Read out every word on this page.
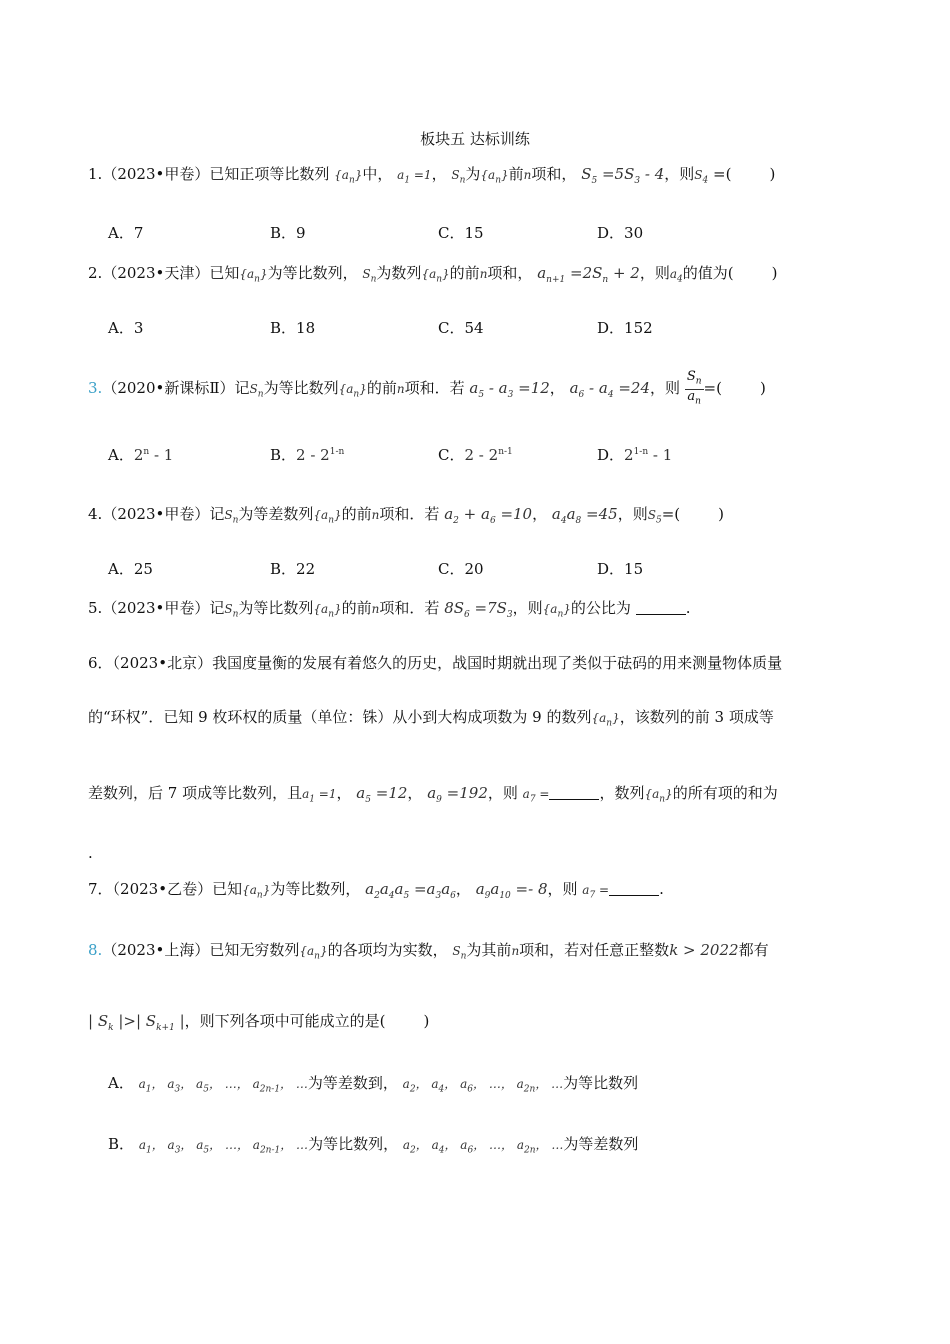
板块五 达标训练
1.（2023•甲卷）已知正项等比数列 $\{a_n\}$中， $a_1 =1$， $S_n$为$\{a_n\}$前n项和， $S_5 =5S_3 - 4$，则$S_4$ =(	)
A．7	B．9	C．15	D．30
2.（2023•天津）已知$\{a_n\}$为等比数列， $S_n$为数列$\{a_n\}$的前n项和， $a_{n+1} =2S_n + 2$，则$a_4$的值为(	)
A．3	B．18	C．54	D．152
3.（2020•新课标Ⅱ）记$S_n$为等比数列$\{a_n\}$的前n项和．若 $a_5 - a_3 =12$， $a_6 - a_4 =24$，则 $\frac{S_n}{a_n}$ =(	)
A．2$^n$ - 1	B．2 - 2$^{1-n}$	C．2 - 2$^{n-1}$	D．2$^{1-n}$ - 1
4.（2023•甲卷）记$S_n$为等差数列$\{a_n\}$的前n项和．若 $a_2 + a_6 =10$， $a_4a_8 =45$，则$S_5=$(	)
A．25	B．22	C．20	D．15
5.（2023•甲卷）记$S_n$为等比数列$\{a_n\}$的前n项和．若 $8S_6 =7S_3$，则$\{a_n\}$的公比为	.
6．（2023•北京）我国度量衡的发展有着悠久的历史，战国时期就出现了类似于砝码的用来测量物体质量
的“环权”．已知 9 枚环权的质量（单位：铢）从小到大构成项数为 9 的数列$\{a_n\}$，该数列的前 3 项成等
差数列，后 7 项成等比数列，且$a_1 =1$， $a_5 =12$， $a_9 =192$，则 $a_7$ =	，数列$\{a_n\}$的所有项的和为
.
7．（2023•乙卷）已知$\{a_n\}$为等比数列， $a_2a_4a_5 =a_3a_6$， $a_9a_{10} =- 8$，则 $a_7$ =	.
8.（2023•上海）已知无穷数列$\{a_n\}$的各项均为实数， $S_n$为其前n项和，若对任意正整数k > 2022都有
| $S_k$ |>| $S_{k+1}$ |，则下列各项中可能成立的是(	)
A． $a_1$， $a_3$， $a_5$， …， $a_{2n-1}$， …为等差数到， $a_2$， $a_4$， $a_6$， …， $a_{2n}$， …为等比数列
B． $a_1$， $a_3$， $a_5$， …， $a_{2n-1}$， …为等比数列， $a_2$， $a_4$， $a_6$， …， $a_{2n}$， …为等差数列
